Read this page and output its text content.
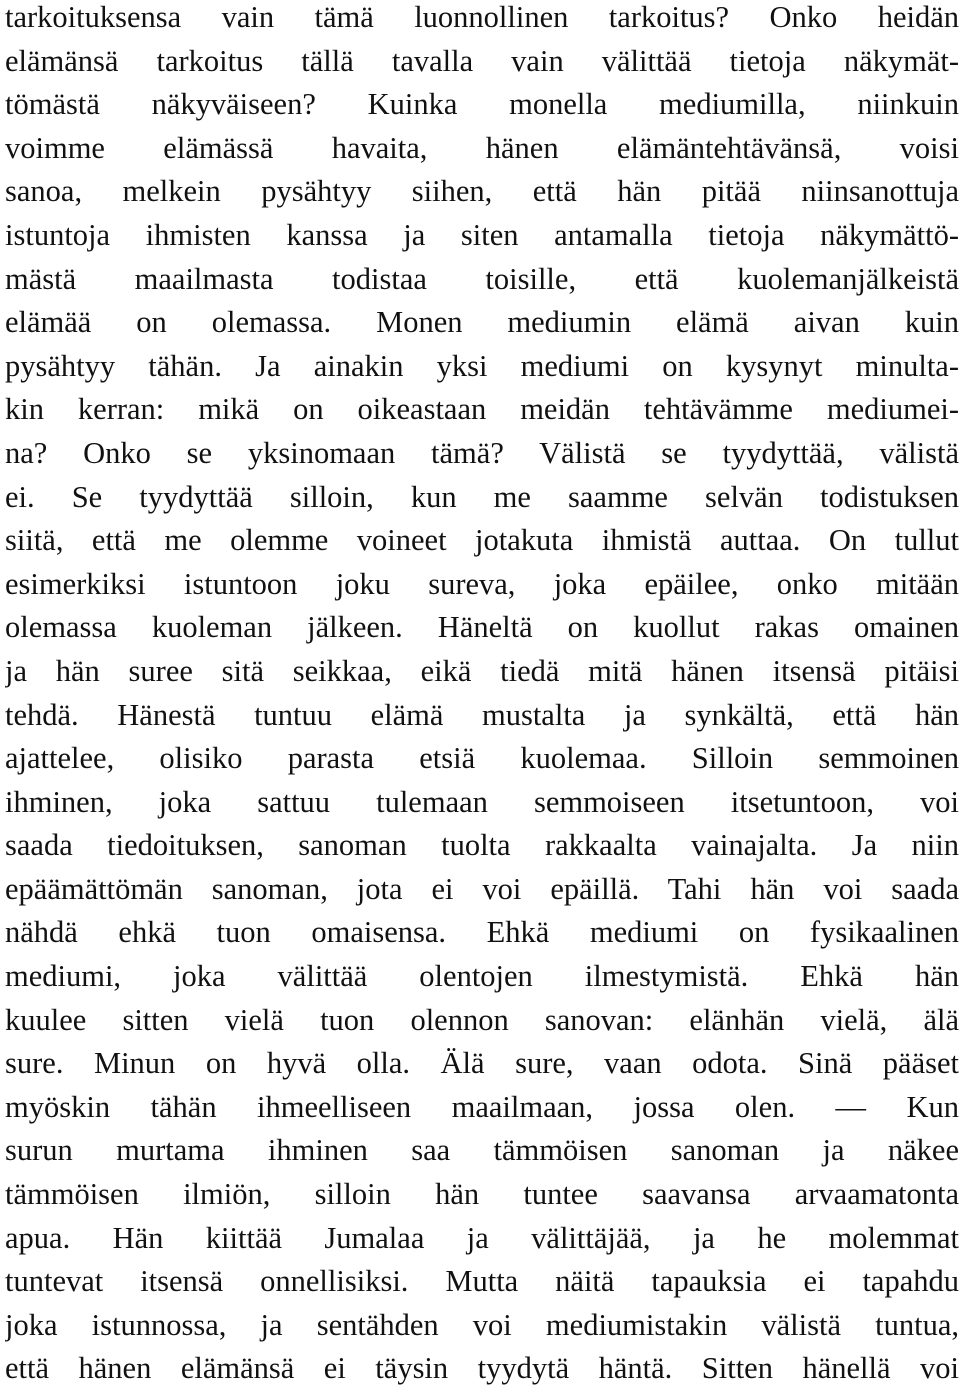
tarkoituksensa vain tämä luonnollinen tarkoitus? Onko heidän
elämänsä tarkoitus tällä tavalla vain välittää tietoja näkymät-
tömästä näkyväiseen? Kuinka monella mediumilla, niinkuin
voimme elämässä havaita, hänen elämäntehtävänsä, voisi
sanoa, melkein pysähtyy siihen, että hän pitää niinsanottuja
istuntoja ihmisten kanssa ja siten antamalla tietoja näkymättö-
mästä maailmasta todistaa toisille, että kuolemanjälkeistä
elämää on olemassa. Monen mediumin elämä aivan kuin
pysähtyy tähän. Ja ainakin yksi mediumi on kysynyt minulta-
kin kerran: mikä on oikeastaan meidän tehtävämme mediumei-
na? Onko se yksinomaan tämä? Välistä se tyydyttää, välistä
ei. Se tyydyttää silloin, kun me saamme selvän todistuksen
siitä, että me olemme voineet jotakuta ihmistä auttaa. On tullut
esimerkiksi istuntoon joku sureva, joka epäilee, onko mitään
olemassa kuoleman jälkeen. Häneltä on kuollut rakas omainen
ja hän suree sitä seikkaa, eikä tiedä mitä hänen itsensä pitäisi
tehdä. Hänestä tuntuu elämä mustalta ja synkältä, että hän
ajattelee, olisiko parasta etsiä kuolemaa. Silloin semmoinen
ihminen, joka sattuu tulemaan semmoiseen itsetuntoon, voi
saada tiedoituksen, sanoman tuolta rakkaalta vainajalta. Ja niin
epäämättömän sanoman, jota ei voi epäillä. Tahi hän voi saada
nähdä ehkä tuon omaisensa. Ehkä mediumi on fysikaalinen
mediumi, joka välittää olentojen ilmestymistä. Ehkä hän
kuulee sitten vielä tuon olennon sanovan: elänhän vielä, älä
sure. Minun on hyvä olla. Älä sure, vaan odota. Sinä pääset
myöskin tähän ihmeelliseen maailmaan, jossa olen. — Kun
surun murtama ihminen saa tämmöisen sanoman ja näkee
tämmöisen ilmiön, silloin hän tuntee saavansa arvaamatonta
apua. Hän kiittää Jumalaa ja välittäjää, ja he molemmat
tuntevat itsensä onnellisiksi. Mutta näitä tapauksia ei tapahdu
joka istunnossa, ja sentähden voi mediumistakin välistä tuntua,
että hänen elämänsä ei täysin tyydytä häntä. Sitten hänellä voi
